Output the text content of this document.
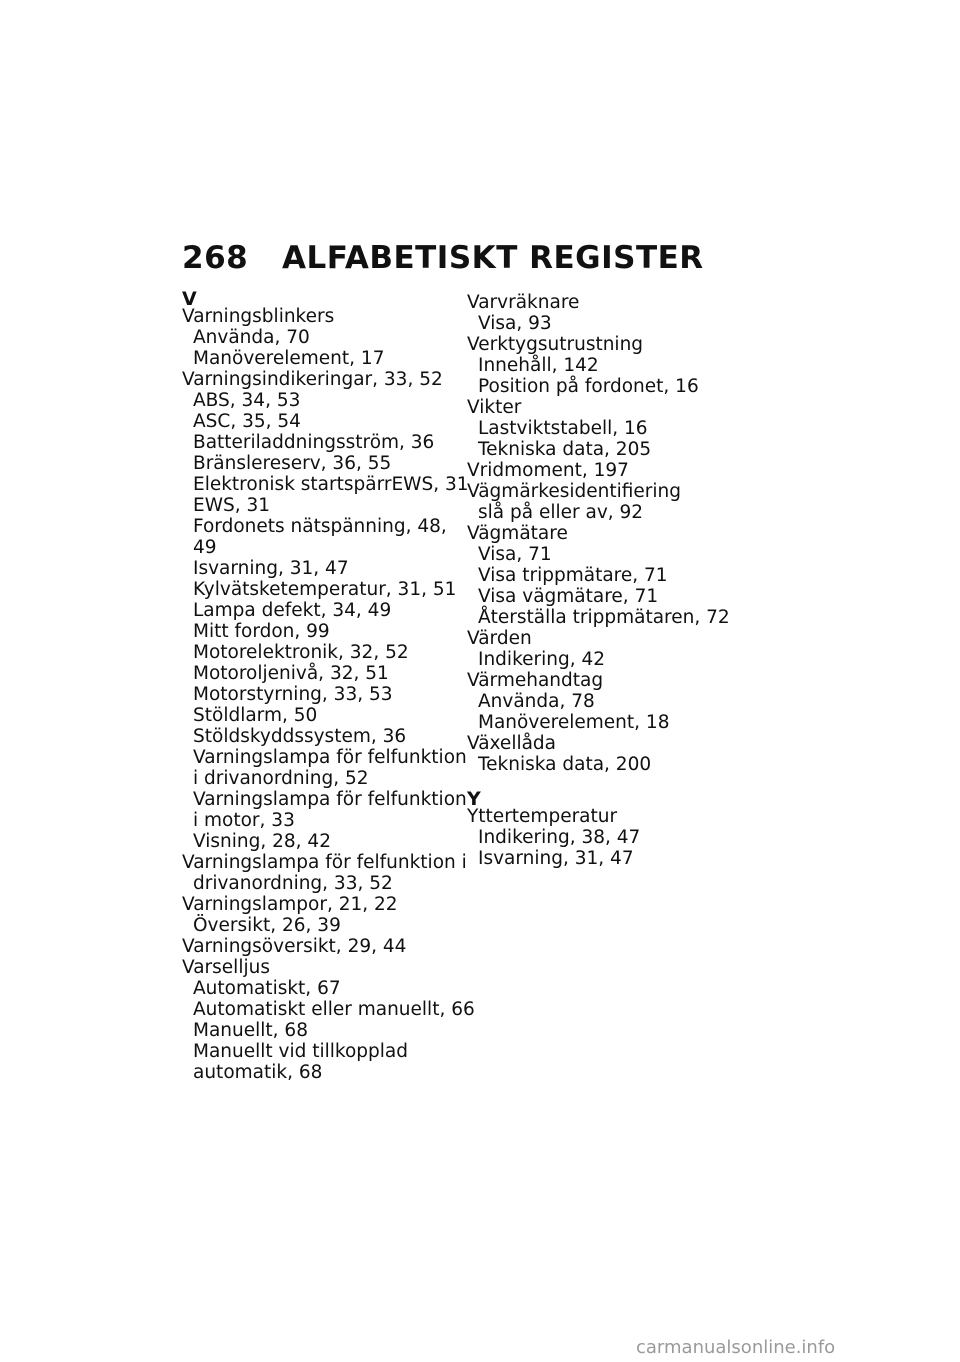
268 ALFABETISKT REGISTER
V
Varningsblinkers
Använda, 70
Manöverelement, 17
Varningsindikeringar, 33, 52
ABS, 34, 53
ASC, 35, 54
Batteriladdningsström, 36
Bränslereserv, 36, 55
Elektronisk startspärrEWS, 31
EWS, 31
Fordonets nätspänning, 48,
49
Isvarning, 31, 47
Kylvätsketemperatur, 31, 51
Lampa defekt, 34, 49
Mitt fordon, 99
Motorelektronik, 32, 52
Motoroljenivå, 32, 51
Motorstyrning, 33, 53
Stöldlarm, 50
Stöldskyddssystem, 36
Varningslampa för felfunktion
i drivanordning, 52
Varningslampa för felfunktion
i motor, 33
Visning, 28, 42
Varningslampa för felfunktion i
drivanordning, 33, 52
Varningslampor, 21, 22
Översikt, 26, 39
Varningsöversikt, 29, 44
Varselljus
Automatiskt, 67
Automatiskt eller manuellt, 66
Manuellt, 68
Manuellt vid tillkopplad
automatik, 68
Varvräknare
Visa, 93
Verktygsutrustning
Innehåll, 142
Position på fordonet, 16
Vikter
Lastviktstabell, 16
Tekniska data, 205
Vridmoment, 197
Vägmärkesidentifiering
slå på eller av, 92
Vägmätare
Visa, 71
Visa trippmätare, 71
Visa vägmätare, 71
Återställa trippmätaren, 72
Värden
Indikering, 42
Värmehandtag
Använda, 78
Manöverelement, 18
Växellåda
Tekniska data, 200
Y
Yttertemperatur
Indikering, 38, 47
Isvarning, 31, 47
carmanualsonline.info
